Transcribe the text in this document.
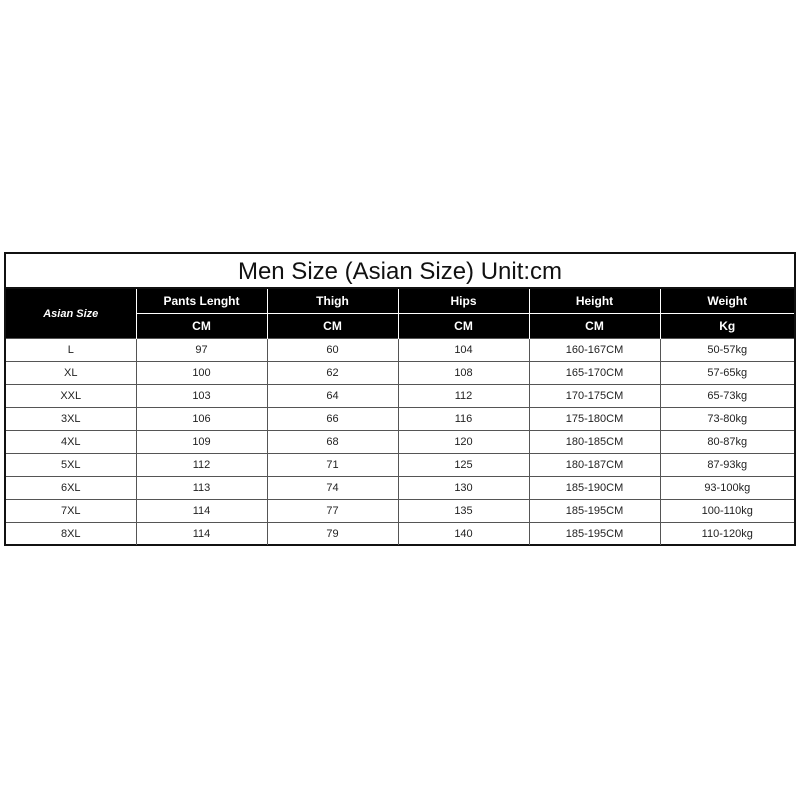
Men Size (Asian Size) Unit:cm
Asian Size	Pants Lenght	Thigh	Hips	Height	Weight
	CM	CM	CM	CM	Kg
L	97	60	104	160-167CM	50-57kg
XL	100	62	108	165-170CM	57-65kg
XXL	103	64	112	170-175CM	65-73kg
3XL	106	66	116	175-180CM	73-80kg
4XL	109	68	120	180-185CM	80-87kg
5XL	112	71	125	180-187CM	87-93kg
6XL	113	74	130	185-190CM	93-100kg
7XL	114	77	135	185-195CM	100-110kg
8XL	114	79	140	185-195CM	110-120kg
